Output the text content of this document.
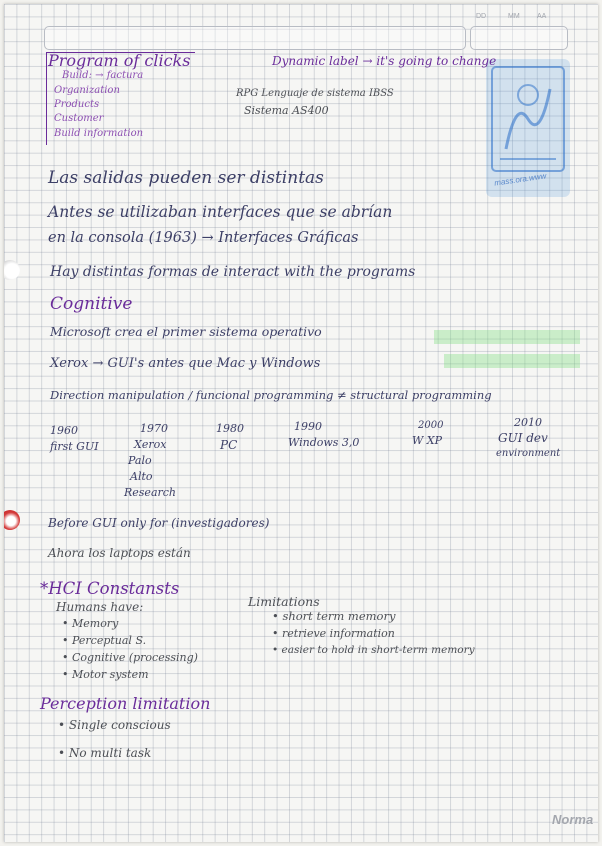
DD	MM AA
mass.ora.www

Program of clicks

Build: → factura

Organization

Products

Customer

Build information

Dynamic label → it's going to change

RPG Lenguaje de sistema IBSS

Sistema AS400

Las salidas pueden ser distintas

Antes se utilizaban interfaces que se abrían

en la consola (1963) → Interfaces Gráficas

Hay distintas formas de interact with the programs

Cognitive

Microsoft crea el primer sistema operativo

Xerox → GUI's antes que Mac y Windows

Direction manipulation / funcional programming ≠ structural programming

1960

first GUI

1970

Xerox

Palo

Alto

Research

1980

PC

1990

Windows 3,0

2000

W XP

2010

GUI dev

environment

Before GUI only for (investigadores)

Ahora los laptops están

*HCI Constansts

Humans have:

• Memory

• Perceptual S.

• Cognitive (processing)

• Motor system

Limitations

• short term memory

• retrieve information

• easier to hold in short-term memory

Perception limitation

• Single conscious

• No multi task

Norma
